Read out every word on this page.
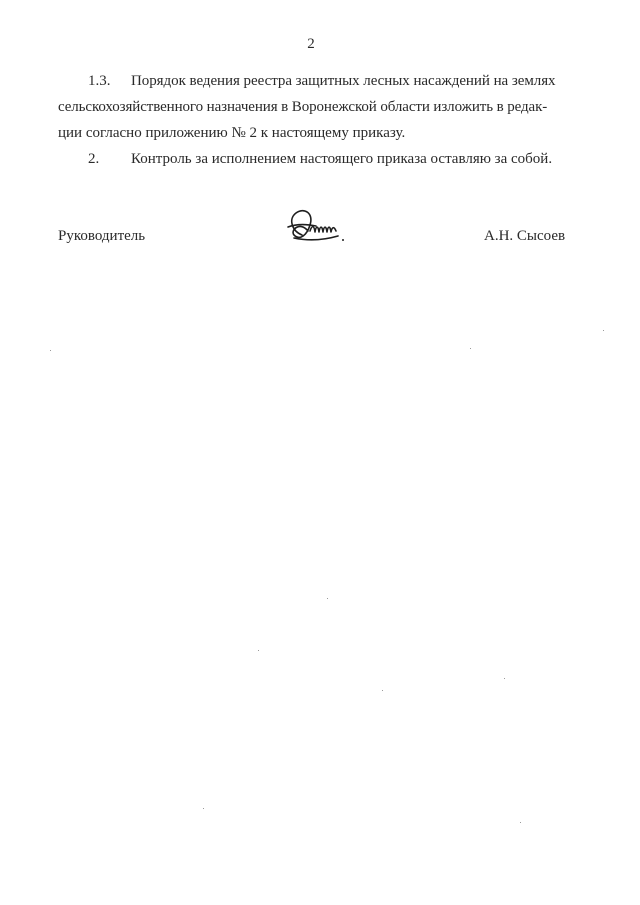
2
1.3. Порядок ведения реестра защитных лесных насаждений на землях
сельскохозяйственного назначения в Воронежской области изложить в редак-
ции согласно приложению № 2 к настоящему приказу.
2. Контроль за исполнением настоящего приказа оставляю за собой.
Руководитель	А.Н. Сысоев
